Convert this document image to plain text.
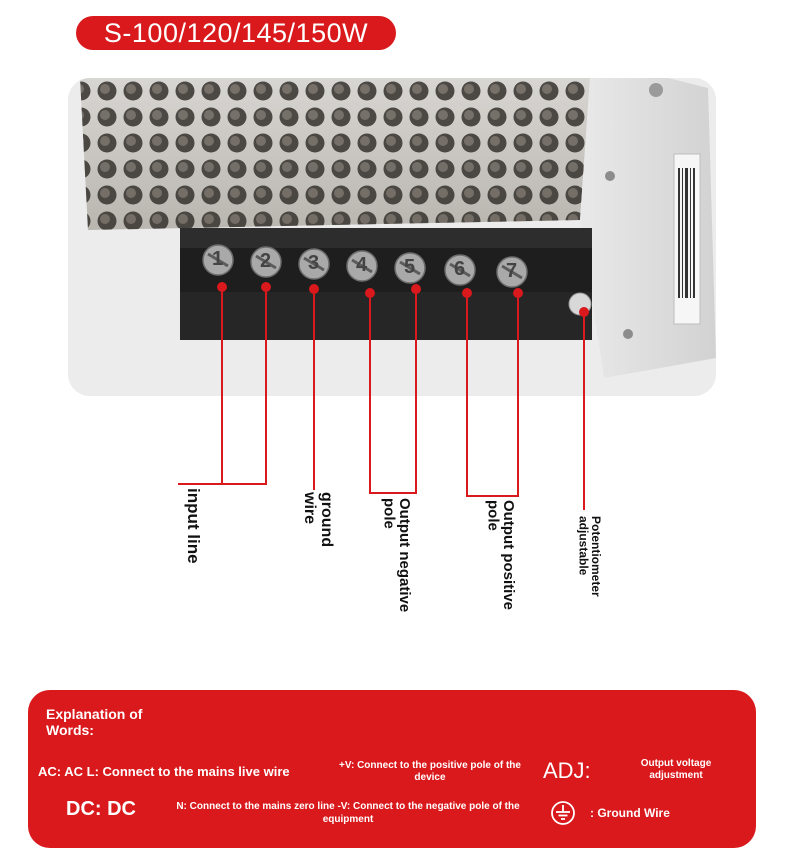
S-100/120/145/150W
1 2 3 4 5 6 7
input line	ground wire	Output negative pole	Output positive pole
Potentiometer adjustable
Explanation of Words:
AC: AC L: Connect to the mains live wire	+V: Connect to the positive pole of the device	ADJ:	Output voltage adjustment
DC: DC	N: Connect to the mains zero line -V: Connect to the negative pole of the equipment	: Ground Wire
